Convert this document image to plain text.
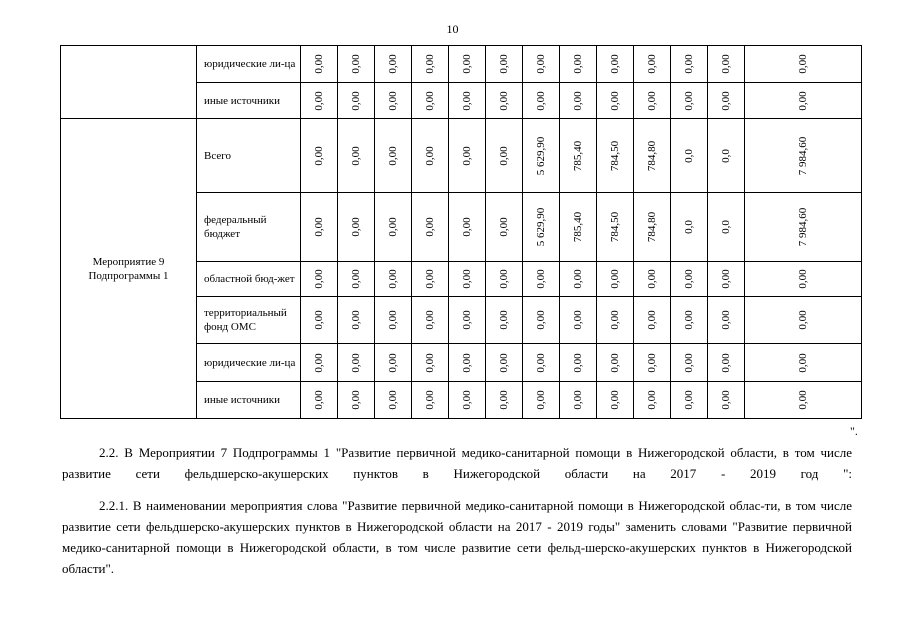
10
	юридические ли-ца	0,00	0,00	0,00	0,00	0,00	0,00	0,00	0,00	0,00	0,00	0,00	0,00	0,00

	иные источники	0,00	0,00	0,00	0,00	0,00	0,00	0,00	0,00	0,00	0,00	0,00	0,00	0,00

Мероприятие 9 Подпрограммы 1	Всего	0,00	0,00	0,00	0,00	0,00	0,00	5 629,90	785,40	784,50	784,80	0,0	0,0	7 984,60

	федеральный бюджет	0,00	0,00	0,00	0,00	0,00	0,00	5 629,90	785,40	784,50	784,80	0,0	0,0	7 984,60

	областной бюд-жет	0,00	0,00	0,00	0,00	0,00	0,00	0,00	0,00	0,00	0,00	0,00	0,00	0,00

	территориальный фонд ОМС	0,00	0,00	0,00	0,00	0,00	0,00	0,00	0,00	0,00	0,00	0,00	0,00	0,00

	юридические ли-ца	0,00	0,00	0,00	0,00	0,00	0,00	0,00	0,00	0,00	0,00	0,00	0,00	0,00

	иные источники	0,00	0,00	0,00	0,00	0,00	0,00	0,00	0,00	0,00	0,00	0,00	0,00	0,00
".

2.2. В Мероприятии 7 Подпрограммы 1 "Развитие первичной медико-санитарной помощи в Нижегородской области, в том числе развитие сети фельдшерско-акушерских пунктов в Нижегородской области на 2017 - 2019 год ":

2.2.1. В наименовании мероприятия слова "Развитие первичной медико-санитарной помощи в Нижегородской облас-ти, в том числе развитие сети фельдшерско-акушерских пунктов в Нижегородской области на 2017 - 2019 годы" заменить словами "Развитие первичной медико-санитарной помощи в Нижегородской области, в том числе развитие сети фельд-шерско-акушерских пунктов в Нижегородской области".
